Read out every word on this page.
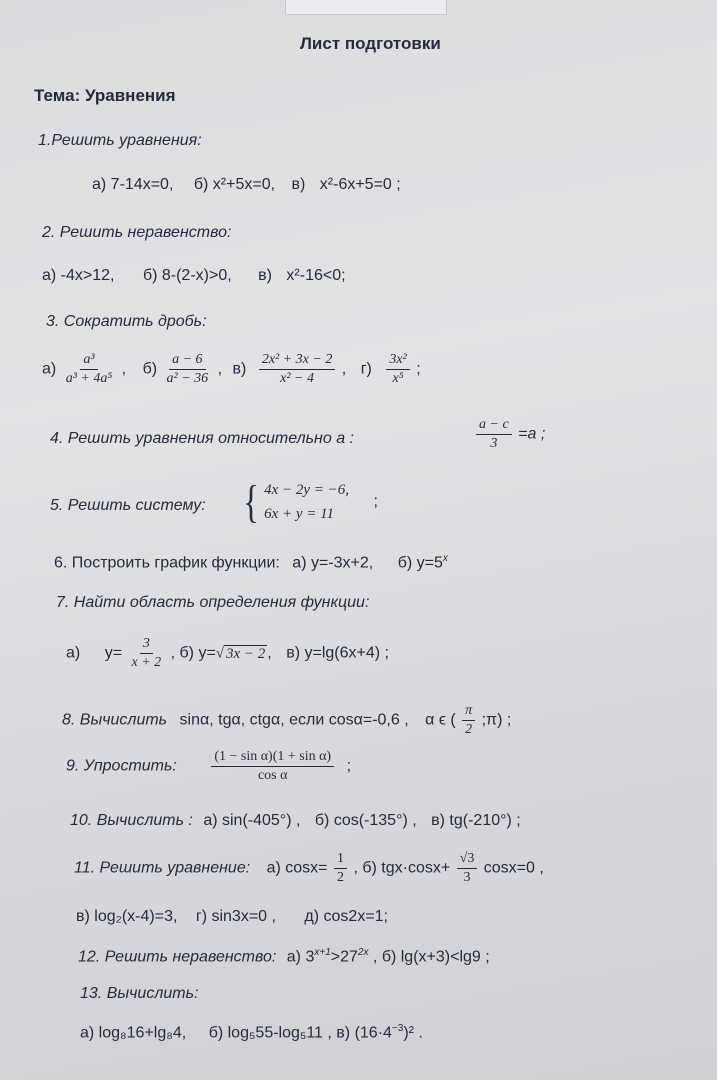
Лист подготовки
Тема: Уравнения
1.Решить уравнения:
а) 7-14x=0, б) x²+5x=0, в) x²-6x+5=0 ;
2. Решить неравенство:
а) -4x>12, б) 8-(2-x)>0, в) x²-16<0;
3. Сократить дробь:
$а) \frac{\text{a³}}{\text{a³ + 4a⁵}}$ , $б) \frac{a - 6}{\text{a² − 36}}$ , $в) \frac{\text{2x² + 3x − 2}}{\text{x² − 4}}$ , $г) \frac{\text{3x²}}{\text{x⁵}}$ ;
4. Решить уравнения относительно a :	$\frac{a - c}{3} =a$ ;
5. Решить систему: { 4x − 2y = −6,
6x + y = 11
;
6. Построить график функции: а) y=-3x+2, б) $y=5^x$
7. Найти область определения функции:
а) $y= \frac{3}{x + 2}$ , б) y=√ 3x − 2 , в) y=lg(6x+4) ;
8. Вычислить sinα, tgα, ctgα, если cosα=-0,6 , α ϵ ( $\frac{\pi}{2}$ ;π) ;
9. Упростить: $\frac{\text{(1 − sin α)(1 + sin α)}}{\text{cos α}}$ ;
10. Вычислить : а) sin(-405°) , б) cos(-135°) , в) tg(-210°) ;
11. Решить уравнение: а) $\cos x= \frac{1}{2}$ , б) $tgx\cdot\cos x+ \frac{√3}{3} \cos x=0$ ,
в) log₂(x-4)=3, г) sin3x=0 , д) cos2x=1;
12. Решить неравенство: а) $3^{x+1}>27^{2x}$ , б) lg(x+3)<lg9 ;
13. Вычислить:
а) log₈16+lg₈4, б) log₅55-log₅11 , в) $(16\cdot 4^{-3})^2$ .
